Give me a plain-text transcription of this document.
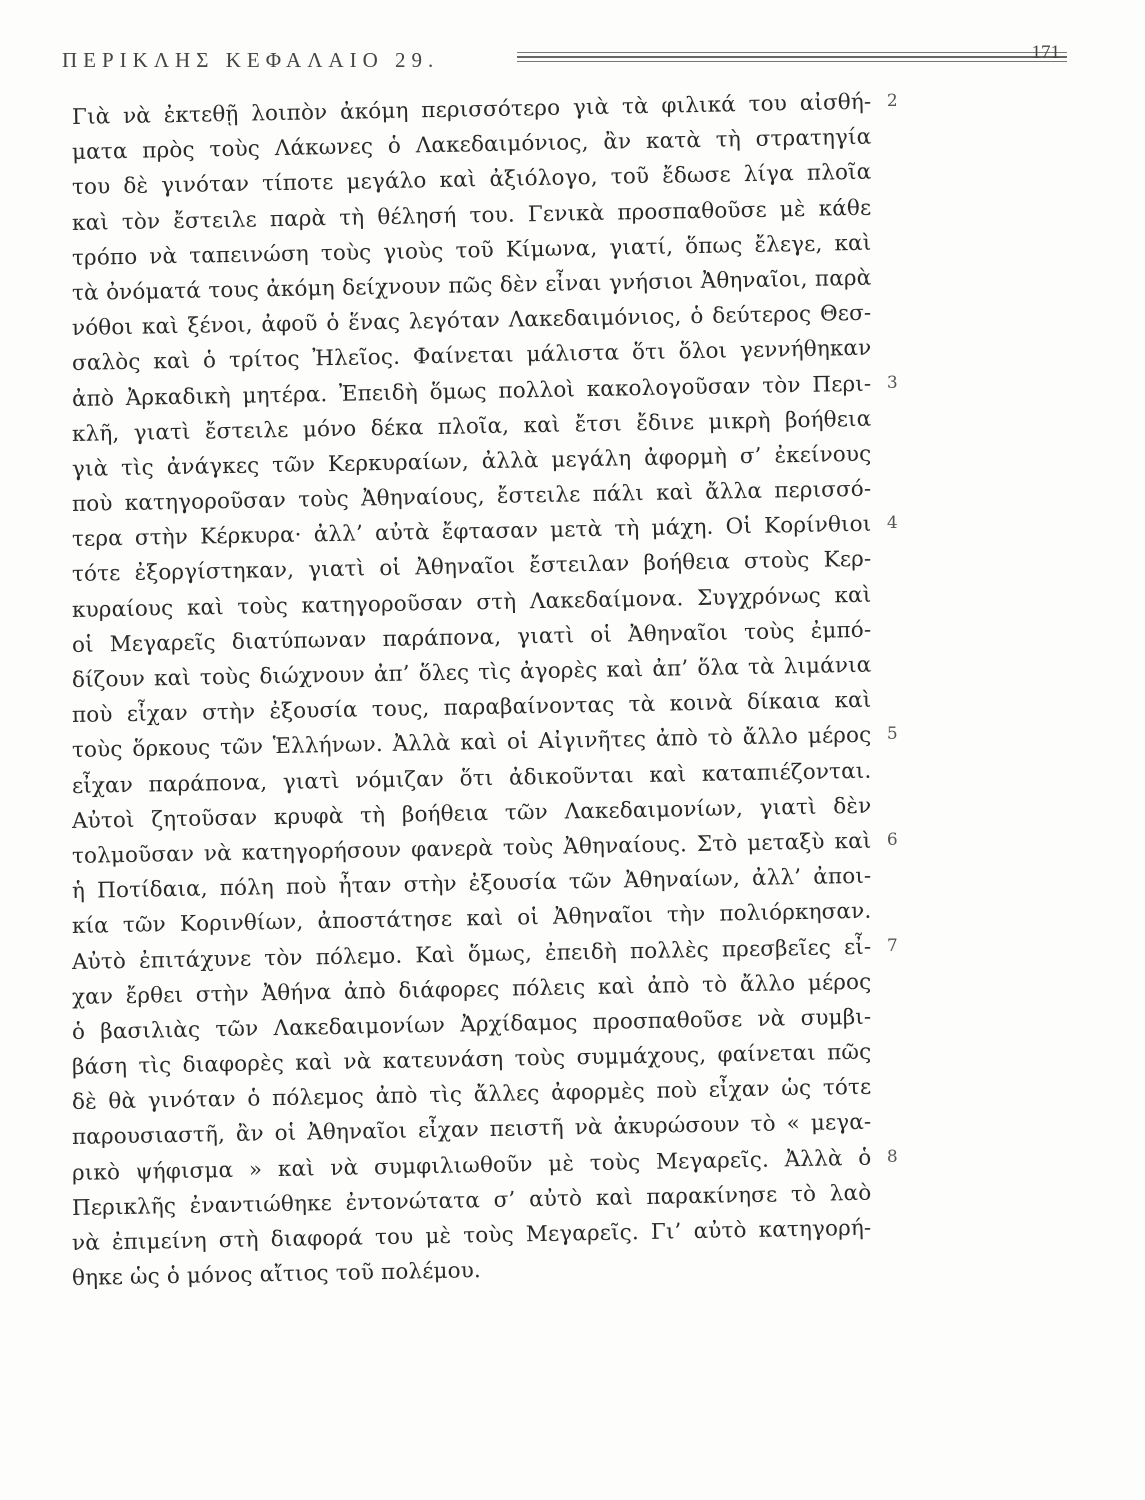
ΠΕΡΙΚΛΗΣ ΚΕΦΑΛΑΙΟ 29.	171
Γιὰ νὰ ἐκτεθῇ λοιπὸν ἀκόμη περισσότερο γιὰ τὰ φιλικά του αἰσθή- 2
ματα πρὸς τοὺς Λάκωνες ὁ Λακεδαιμόνιος, ἂν κατὰ τὴ στρατηγία
του δὲ γινόταν τίποτε μεγάλο καὶ ἀξιόλογο, τοῦ ἔδωσε λίγα πλοῖα
καὶ τὸν ἔστειλε παρὰ τὴ θέλησή του. Γενικὰ προσπαθοῦσε μὲ κάθε
τρόπο νὰ ταπεινώση τοὺς γιοὺς τοῦ Κίμωνα, γιατί, ὅπως ἔλεγε, καὶ
τὰ ὀνόματά τους ἀκόμη δείχνουν πῶς δὲν εἶναι γνήσιοι Ἀθηναῖοι, παρὰ
νόθοι καὶ ξένοι, ἀφοῦ ὁ ἕνας λεγόταν Λακεδαιμόνιος, ὁ δεύτερος Θεσ-
σαλὸς καὶ ὁ τρίτος Ἠλεῖος. Φαίνεται μάλιστα ὅτι ὅλοι γεννήθηκαν
ἀπὸ Ἀρκαδικὴ μητέρα. Ἐπειδὴ ὅμως πολλοὶ κακολογοῦσαν τὸν Περι- 3
κλῆ, γιατὶ ἔστειλε μόνο δέκα πλοῖα, καὶ ἔτσι ἔδινε μικρὴ βοήθεια
γιὰ τὶς ἀνάγκες τῶν Κερκυραίων, ἀλλὰ μεγάλη ἀφορμὴ σ’ ἐκείνους
ποὺ κατηγοροῦσαν τοὺς Ἀθηναίους, ἔστειλε πάλι καὶ ἄλλα περισσό-
τερα στὴν Κέρκυρα· ἀλλ’ αὐτὰ ἔφτασαν μετὰ τὴ μάχη. Οἱ Κορίνθιοι 4
τότε ἐξοργίστηκαν, γιατὶ οἱ Ἀθηναῖοι ἔστειλαν βοήθεια στοὺς Κερ-
κυραίους καὶ τοὺς κατηγοροῦσαν στὴ Λακεδαίμονα. Συγχρόνως καὶ
οἱ Μεγαρεῖς διατύπωναν παράπονα, γιατὶ οἱ Ἀθηναῖοι τοὺς ἐμπό-
δίζουν καὶ τοὺς διώχνουν ἀπ’ ὅλες τὶς ἀγορὲς καὶ ἀπ’ ὅλα τὰ λιμάνια
ποὺ εἶχαν στὴν ἐξουσία τους, παραβαίνοντας τὰ κοινὰ δίκαια καὶ
τοὺς ὅρκους τῶν Ἑλλήνων. Ἀλλὰ καὶ οἱ Αἰγινῆτες ἀπὸ τὸ ἄλλο μέρος 5
εἶχαν παράπονα, γιατὶ νόμιζαν ὅτι ἀδικοῦνται καὶ καταπιέζονται.
Αὐτοὶ ζητοῦσαν κρυφὰ τὴ βοήθεια τῶν Λακεδαιμονίων, γιατὶ δὲν
τολμοῦσαν νὰ κατηγορήσουν φανερὰ τοὺς Ἀθηναίους. Στὸ μεταξὺ καὶ 6
ἡ Ποτίδαια, πόλη ποὺ ἦταν στὴν ἐξουσία τῶν Ἀθηναίων, ἀλλ’ ἀποι-
κία τῶν Κορινθίων, ἀποστάτησε καὶ οἱ Ἀθηναῖοι τὴν πολιόρκησαν.
Αὐτὸ ἐπιτάχυνε τὸν πόλεμο. Καὶ ὅμως, ἐπειδὴ πολλὲς πρεσβεῖες εἶ- 7
χαν ἔρθει στὴν Ἀθήνα ἀπὸ διάφορες πόλεις καὶ ἀπὸ τὸ ἄλλο μέρος
ὁ βασιλιὰς τῶν Λακεδαιμονίων Ἀρχίδαμος προσπαθοῦσε νὰ συμβι-
βάση τὶς διαφορὲς καὶ νὰ κατευνάση τοὺς συμμάχους, φαίνεται πῶς
δὲ θὰ γινόταν ὁ πόλεμος ἀπὸ τὶς ἄλλες ἀφορμὲς ποὺ εἶχαν ὡς τότε
παρουσιαστῆ, ἂν οἱ Ἀθηναῖοι εἶχαν πειστῆ νὰ ἀκυρώσουν τὸ « μεγα-
ρικὸ ψήφισμα » καὶ νὰ συμφιλιωθοῦν μὲ τοὺς Μεγαρεῖς. Ἀλλὰ ὁ 8
Περικλῆς ἐναντιώθηκε ἐντονώτατα σ’ αὐτὸ καὶ παρακίνησε τὸ λαὸ
νὰ ἐπιμείνη στὴ διαφορά του μὲ τοὺς Μεγαρεῖς. Γι’ αὐτὸ κατηγορή-
θηκε ὡς ὁ μόνος αἴτιος τοῦ πολέμου.
